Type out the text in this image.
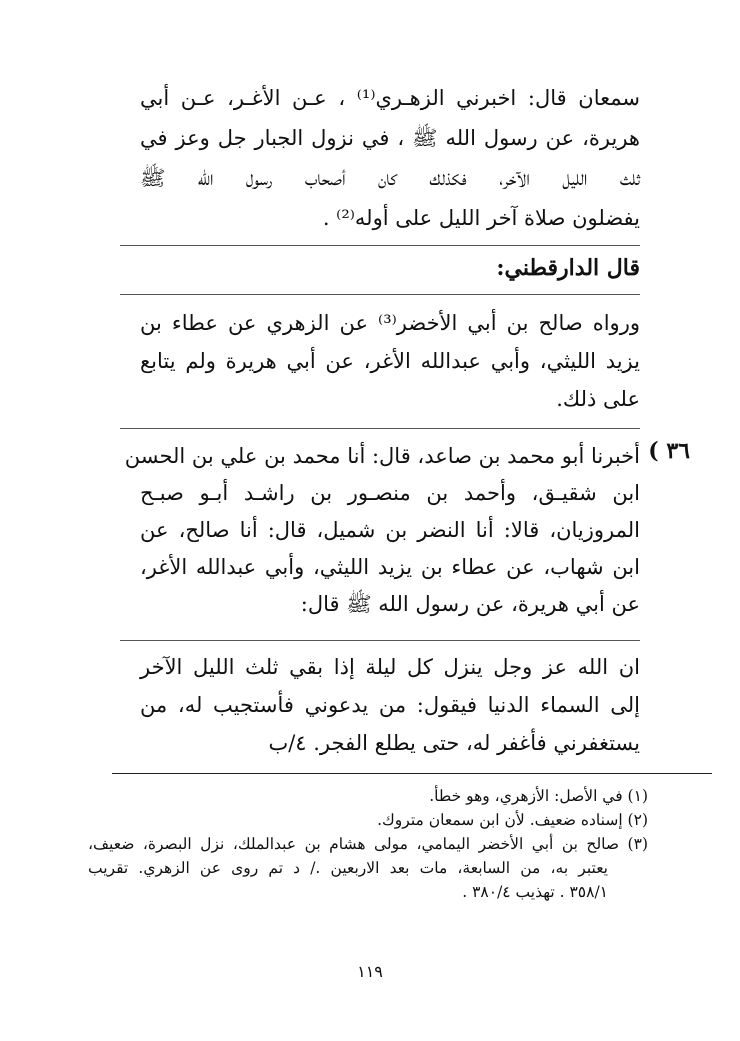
سمعان قال: اخبرني الزهـري⁽¹⁾ ، عـن الأغـر، عـن أبي
هريرة، عن رسول الله ﷺ ، في نزول الجبار جل وعز في
ثلث الليل الآخر، فكذلك كان أصحاب رسول الله ﷺ
يفضلون صلاة آخر الليل على أوله⁽²⁾ .
قال الدارقطني:
ورواه صالح بن أبي الأخضر⁽³⁾ عن الزهري عن عطاء بن
يزيد الليثي، وأبي عبدالله الأغر، عن أبي هريرة ولم يتابع
على ذلك.
٣٦ )
أخبرنا أبو محمد بن صاعد، قال: أنا محمد بن علي بن الحسن
ابن شقيـق، وأحمد بن منصـور بن راشـد أبـو صبـح
المروزيان، قالا: أنا النضر بن شميل، قال: أنا صالح، عن
ابن شهاب، عن عطاء بن يزيد الليثي، وأبي عبدالله الأغر،
عن أبي هريرة، عن رسول الله ﷺ قال:
ان الله عز وجل ينزل كل ليلة إذا بقي ثلث الليل الآخر
إلى السماء الدنيا فيقول: من يدعوني فأستجيب له، من
يستغفرني فأغفر له، حتى يطلع الفجر. ٤/ب
(١) في الأصل: الأزهري، وهو خطأ.
(٢) إسناده ضعيف. لأن ابن سمعان متروك.
(٣) صالح بن أبي الأخضر اليمامي، مولى هشام بن عبدالملك، نزل البصرة، ضعيف،
يعتبر به، من السابعة، مات بعد الاربعين ./ د تم روى عن الزهري. تقريب
٣٥٨/١ . تهذيب ٣٨٠/٤ .
١١٩
